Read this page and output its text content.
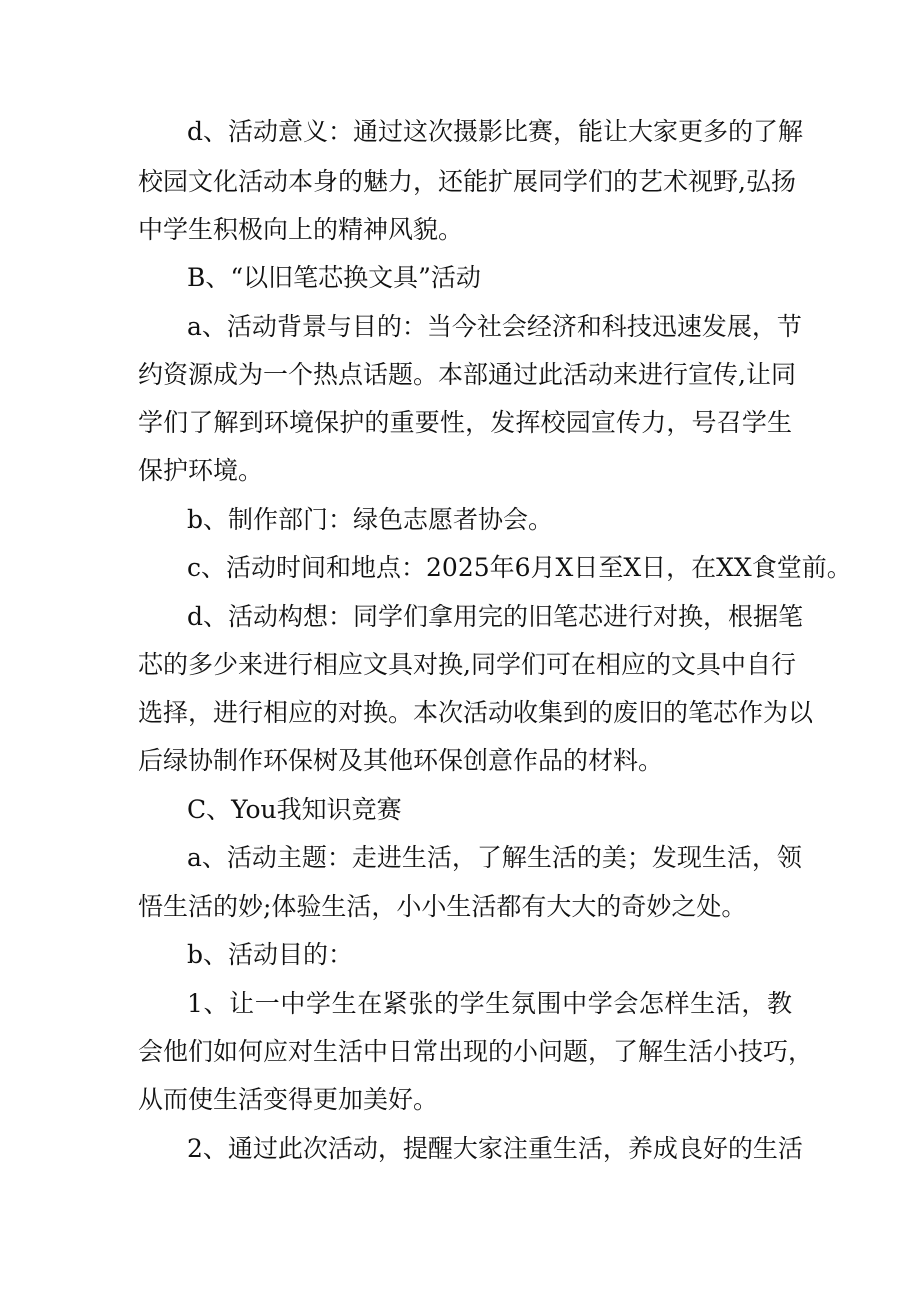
d、活动意义：通过这次摄影比赛，能让大家更多的了解
校园文化活动本身的魅力，还能扩展同学们的艺术视野,弘扬
中学生积极向上的精神风貌。
B、“以旧笔芯换文具”活动
a、活动背景与目的：当今社会经济和科技迅速发展，节
约资源成为一个热点话题。本部通过此活动来进行宣传,让同
学们了解到环境保护的重要性，发挥校园宣传力，号召学生
保护环境。
b、制作部门：绿色志愿者协会。
c、活动时间和地点：2025年6月X日至X日，在XX食堂前。
d、活动构想：同学们拿用完的旧笔芯进行对换，根据笔
芯的多少来进行相应文具对换,同学们可在相应的文具中自行
选择，进行相应的对换。本次活动收集到的废旧的笔芯作为以
后绿协制作环保树及其他环保创意作品的材料。
C、You我知识竞赛
a、活动主题：走进生活，了解生活的美；发现生活，领
悟生活的妙;体验生活，小小生活都有大大的奇妙之处。
b、活动目的：
1、让一中学生在紧张的学生氛围中学会怎样生活，教
会他们如何应对生活中日常出现的小问题，了解生活小技巧，
从而使生活变得更加美好。
2、通过此次活动，提醒大家注重生活，养成良好的生活
